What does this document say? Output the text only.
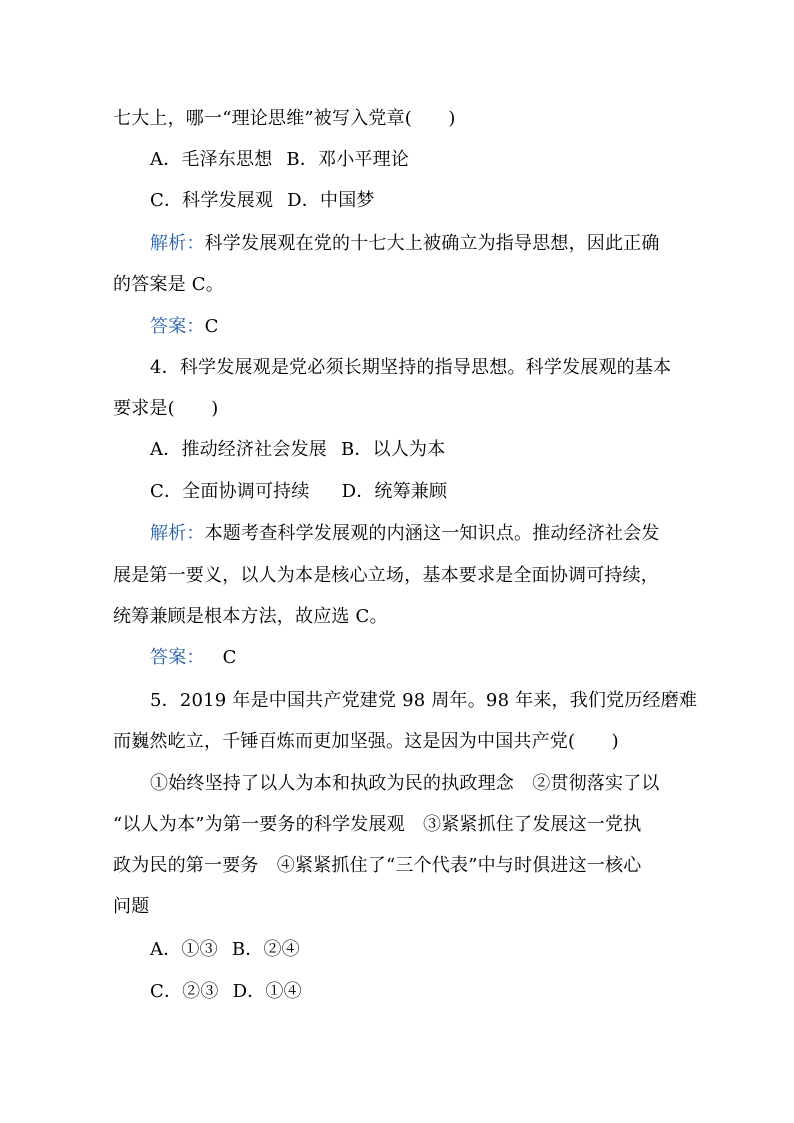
七大上，哪一“理论思维”被写入党章(　　)
A．毛泽东思想 B．邓小平理论
C．科学发展观 D．中国梦
解析：科学发展观在党的十七大上被确立为指导思想，因此正确
的答案是 C。
答案：C
4．科学发展观是党必须长期坚持的指导思想。科学发展观的基本
要求是(　　)
A．推动经济社会发展 B．以人为本
C．全面协调可持续 D．统筹兼顾
解析：本题考查科学发展观的内涵这一知识点。推动经济社会发
展是第一要义，以人为本是核心立场，基本要求是全面协调可持续，
统筹兼顾是根本方法，故应选 C。
答案： C
5．2019 年是中国共产党建党 98 周年。98 年来，我们党历经磨难
而巍然屹立，千锤百炼而更加坚强。这是因为中国共产党(　　)
①始终坚持了以人为本和执政为民的执政理念　②贯彻落实了以
“以人为本”为第一要务的科学发展观　③紧紧抓住了发展这一党执
政为民的第一要务　④紧紧抓住了“三个代表”中与时俱进这一核心
问题
A．①③ B．②④
C．②③ D．①④
